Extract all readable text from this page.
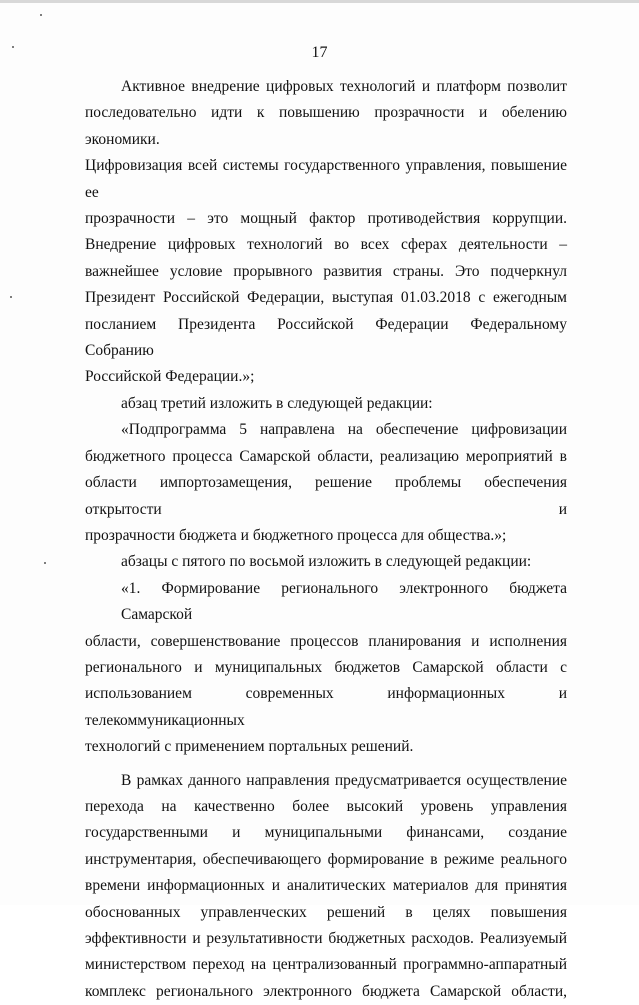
17
Активное внедрение цифровых технологий и платформ позволит
последовательно идти к повышению прозрачности и обелению экономики.
Цифровизация всей системы государственного управления, повышение ее
прозрачности – это мощный фактор противодействия коррупции.
Внедрение цифровых технологий во всех сферах деятельности –
важнейшее условие прорывного развития страны. Это подчеркнул
Президент Российской Федерации, выступая 01.03.2018 с ежегодным
посланием Президента Российской Федерации Федеральному Собранию
Российской Федерации.»;
абзац третий изложить в следующей редакции:
«Подпрограмма 5 направлена на обеспечение цифровизации
бюджетного процесса Самарской области, реализацию мероприятий в
области импортозамещения, решение проблемы обеспечения открытости и
прозрачности бюджета и бюджетного процесса для общества.»;
абзацы с пятого по восьмой изложить в следующей редакции:
«1. Формирование регионального электронного бюджета Самарской
области, совершенствование процессов планирования и исполнения
регионального и муниципальных бюджетов Самарской области с
использованием современных информационных и телекоммуникационных
технологий с применением портальных решений.
В рамках данного направления предусматривается осуществление
перехода на качественно более высокий уровень управления
государственными и муниципальными финансами, создание
инструментария, обеспечивающего формирование в режиме реального
времени информационных и аналитических материалов для принятия
обоснованных управленческих решений в целях повышения
эффективности и результативности бюджетных расходов. Реализуемый
министерством переход на централизованный программно-аппаратный
комплекс регионального электронного бюджета Самарской области,
